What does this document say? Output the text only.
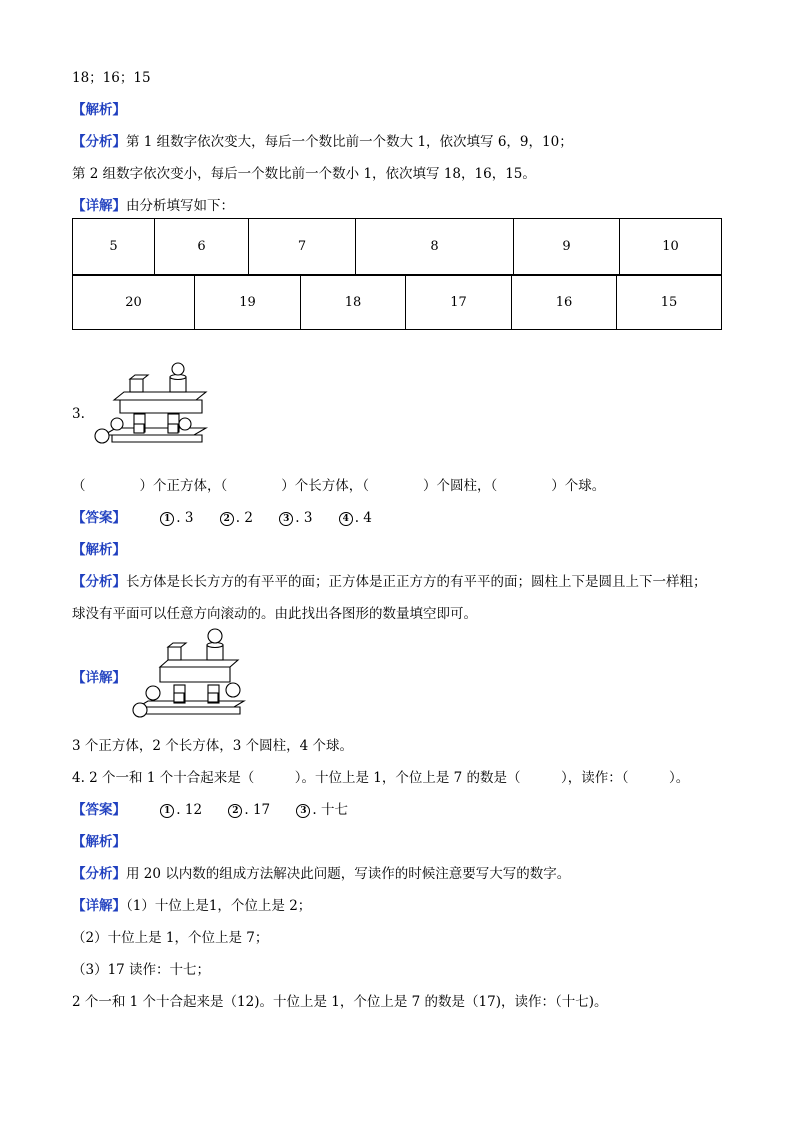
18；16；15
【解析】
【分析】第 1 组数字依次变大，每后一个数比前一个数大 1，依次填写 6，9，10；
第 2 组数字依次变小，每后一个数比前一个数小 1，依次填写 18，16，15。
【详解】由分析填写如下：
5	6	7	8	9	10
20	19	18	17	16	15
3.
（　　　　）个正方体，（　　　　）个长方体，（　　　　）个圆柱，（　　　　）个球。
【答案】	1 . 3	2 . 2	3 . 3	4 . 4
【解析】
【分析】长方体是长长方方的有平平的面；正方体是正正方方的有平平的面；圆柱上下是圆且上下一样粗；
球没有平面可以任意方向滚动的。由此找出各图形的数量填空即可。
【详解】
3 个正方体，2 个长方体，3 个圆柱，4 个球。
4. 2 个一和 1 个十合起来是（　　　）。十位上是 1，个位上是 7 的数是（　　　），读作：（　　　）。
【答案】	1 . 12	2 . 17	3 . 十七
【解析】
【分析】用 20 以内数的组成方法解决此问题，写读作的时候注意要写大写的数字。
【详解】（1）十位上是1，个位上是 2；
（2）十位上是 1，个位上是 7；
（3）17 读作：十七；
2 个一和 1 个十合起来是（12)。十位上是 1，个位上是 7 的数是（17)，读作：（十七)。
